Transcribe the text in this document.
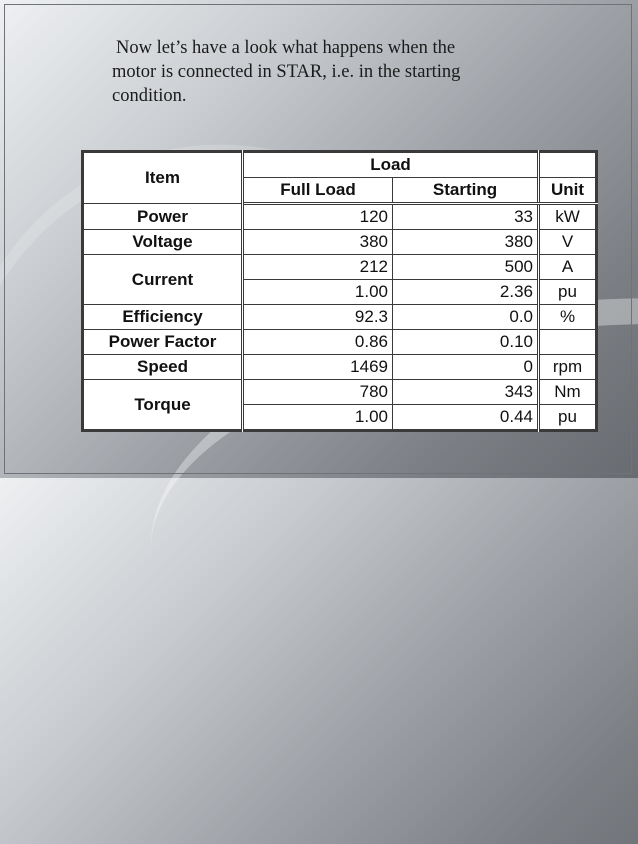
Now let’s have a look what happens when the
motor is connected in STAR, i.e. in the starting
condition.
Item	Load		
	Full Load	Starting	Unit
Power	120	33	kW
Voltage	380	380	V
Current	212	500	A
	1.00	2.36	pu
Efficiency	92.3	0.0	%
Power Factor	0.86	0.10	
Speed	1469	0	rpm
Torque	780	343	Nm
	1.00	0.44	pu
